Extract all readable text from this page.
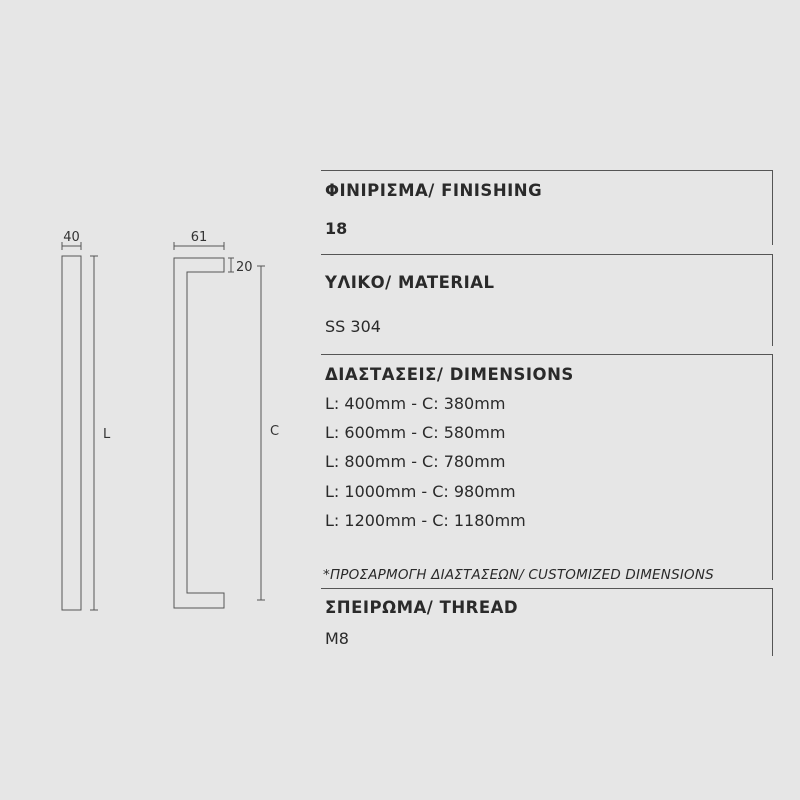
40
L
61
20
C
ΦΙΝΙΡΙΣΜΑ/ FINISHING
18
ΥΛΙΚΟ/ MATERIAL
SS 304
ΔΙΑΣΤΑΣΕΙΣ/ DIMENSIONS
L: 400mm - C: 380mm
L: 600mm - C: 580mm
L: 800mm - C: 780mm
L: 1000mm - C: 980mm
L: 1200mm - C: 1180mm
*ΠΡΟΣΑΡΜΟΓΗ ΔΙΑΣΤΑΣΕΩΝ/ CUSTOMIZED DIMENSIONS
ΣΠΕΙΡΩΜΑ/ THREAD
M8
